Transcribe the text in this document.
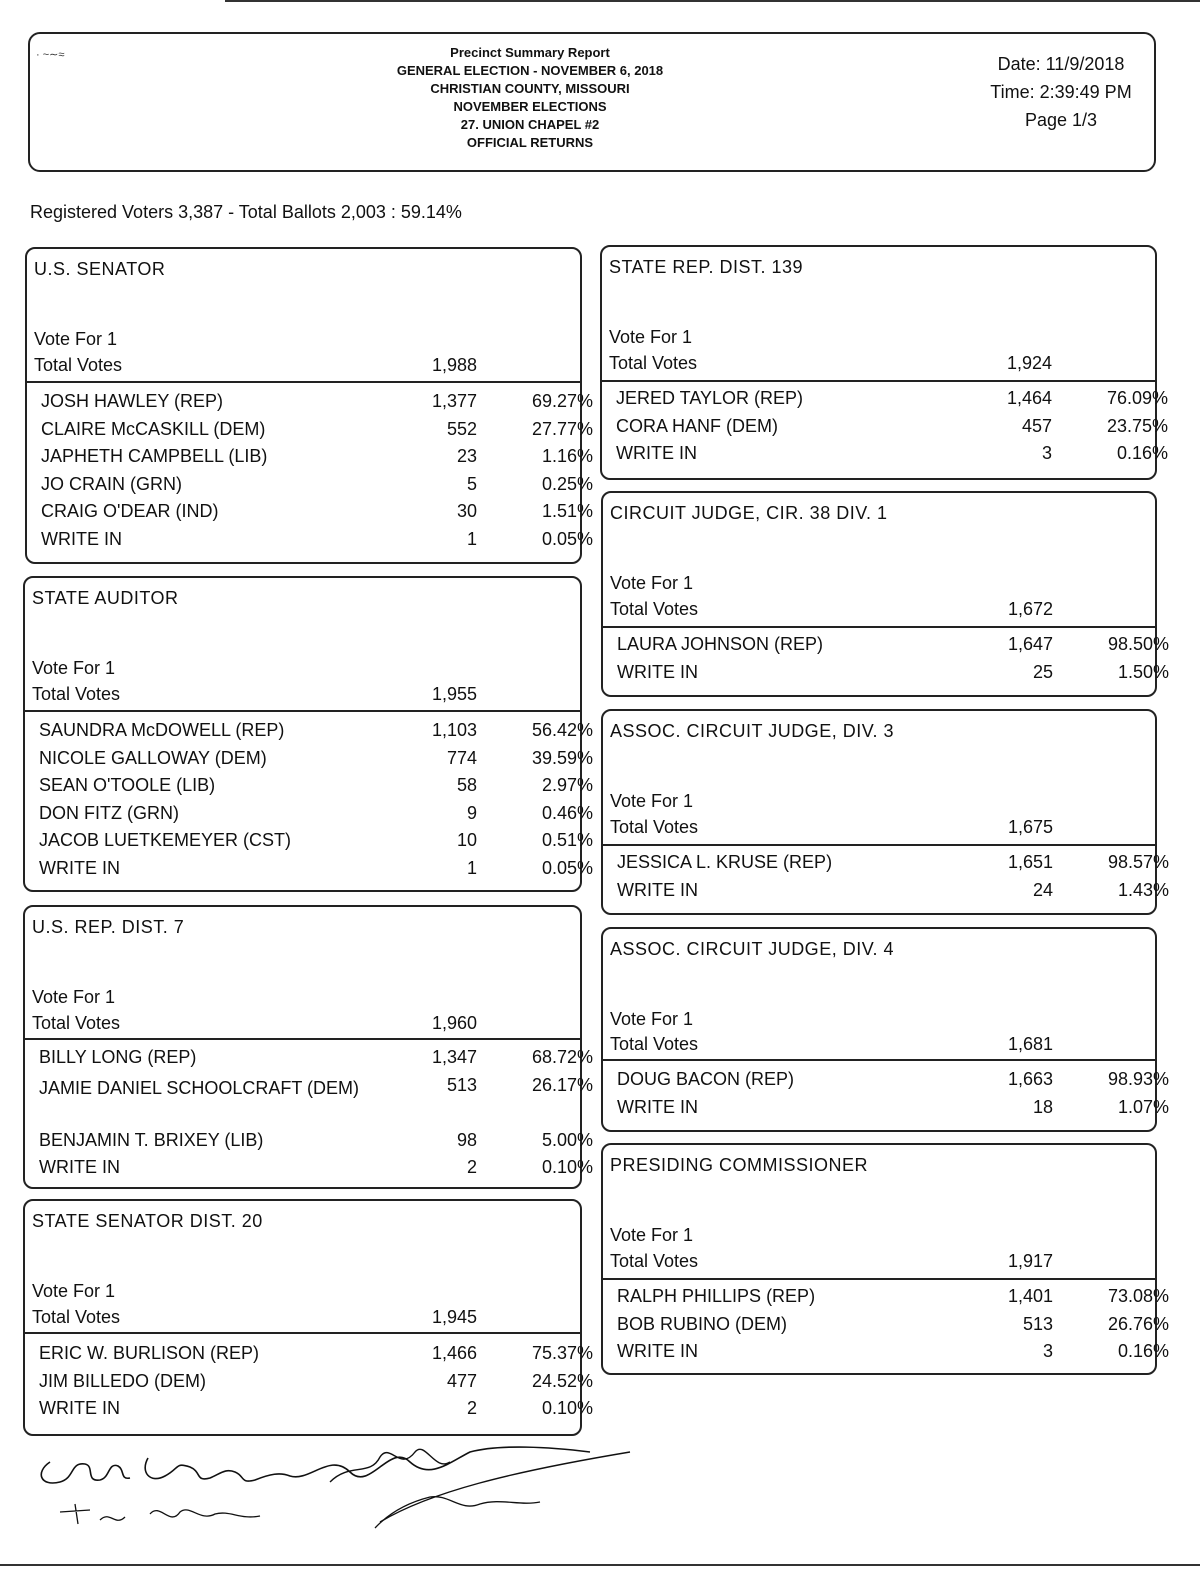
· ~∼≈	Precinct Summary Report
GENERAL ELECTION - NOVEMBER 6, 2018
CHRISTIAN COUNTY, MISSOURI
NOVEMBER ELECTIONS
27. UNION CHAPEL #2
OFFICIAL RETURNS
Date: 11/9/2018
Time: 2:39:49 PM
Page 1/3
Registered Voters 3,387 - Total Ballots 2,003 : 59.14%
U.S. SENATOR
Vote For 1
Total Votes	1,988
JOSH HAWLEY (REP)	1,377	69.27%
CLAIRE McCASKILL (DEM)	552	27.77%
JAPHETH CAMPBELL (LIB)	23	1.16%
JO CRAIN (GRN)	5	0.25%
CRAIG O'DEAR (IND)	30	1.51%
WRITE IN	1	0.05%
STATE AUDITOR
Vote For 1
Total Votes	1,955
SAUNDRA McDOWELL (REP)	1,103	56.42%
NICOLE GALLOWAY (DEM)	774	39.59%
SEAN O'TOOLE (LIB)	58	2.97%
DON FITZ (GRN)	9	0.46%
JACOB LUETKEMEYER (CST)	10	0.51%
WRITE IN	1	0.05%
U.S. REP. DIST. 7
Vote For 1
Total Votes	1,960
BILLY LONG (REP)	1,347	68.72%
JAMIE DANIEL SCHOOLCRAFT (DEM)	513	26.17%
BENJAMIN T. BRIXEY (LIB)	98	5.00%
WRITE IN	2	0.10%
STATE SENATOR DIST. 20
Vote For 1
Total Votes	1,945
ERIC W. BURLISON (REP)	1,466	75.37%
JIM BILLEDO (DEM)	477	24.52%
WRITE IN	2	0.10%
STATE REP. DIST. 139
Vote For 1
Total Votes	1,924
JERED TAYLOR (REP)	1,464	76.09%
CORA HANF (DEM)	457	23.75%
WRITE IN	3	0.16%
CIRCUIT JUDGE, CIR. 38 DIV. 1
Vote For 1
Total Votes	1,672
LAURA JOHNSON (REP)	1,647	98.50%
WRITE IN	25	1.50%
ASSOC. CIRCUIT JUDGE, DIV. 3
Vote For 1
Total Votes	1,675
JESSICA L. KRUSE (REP)	1,651	98.57%
WRITE IN	24	1.43%
ASSOC. CIRCUIT JUDGE, DIV. 4
Vote For 1
Total Votes	1,681
DOUG BACON (REP)	1,663	98.93%
WRITE IN	18	1.07%
PRESIDING COMMISSIONER
Vote For 1
Total Votes	1,917
RALPH PHILLIPS (REP)	1,401	73.08%
BOB RUBINO (DEM)	513	26.76%
WRITE IN	3	0.16%
